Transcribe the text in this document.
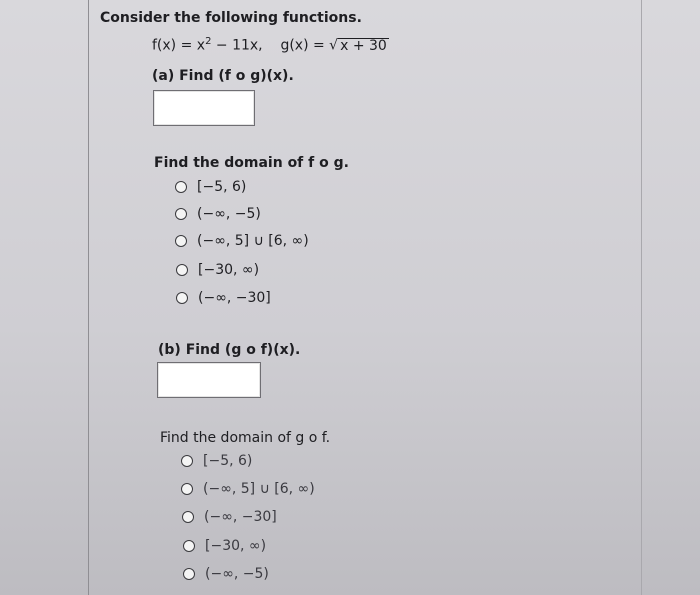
Consider the following functions.
$f(x) = x^2 - 11x$, g(x) = √ x + 30
(a) Find (f o g)(x).
Find the domain of f o g.
[−5, 6)
(−∞, −5)
(−∞, 5] ∪ [6, ∞)
[−30, ∞)
(−∞, −30]
(b) Find (g o f)(x).
Find the domain of g o f.
[−5, 6)
(−∞, 5] ∪ [6, ∞)
(−∞, −30]
[−30, ∞)
(−∞, −5)
